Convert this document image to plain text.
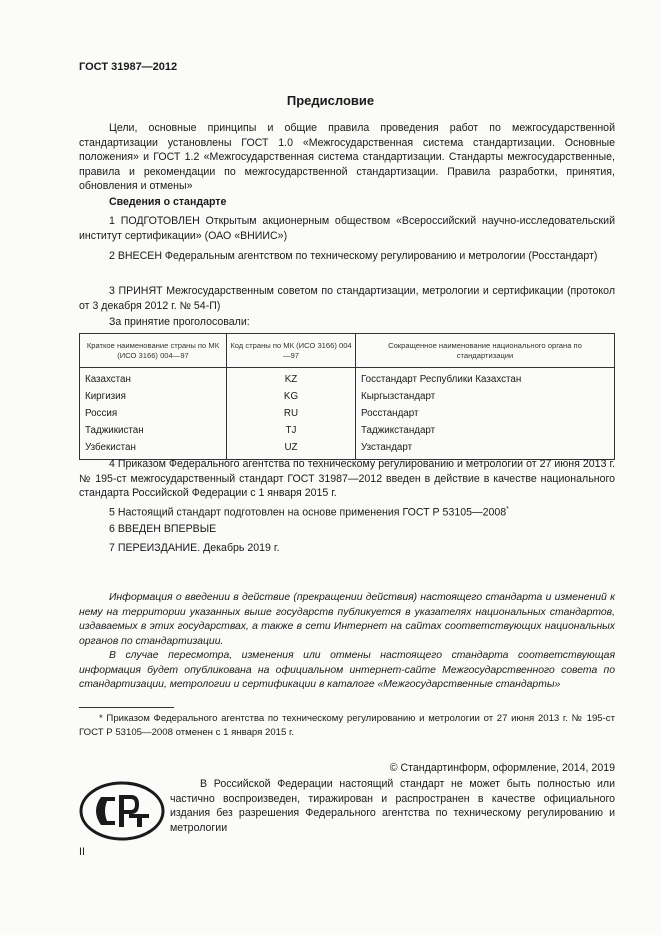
ГОСТ 31987—2012
Предисловие
Цели, основные принципы и общие правила проведения работ по межгосударственной стандартизации установлены ГОСТ 1.0 «Межгосударственная система стандартизации. Основные положения» и ГОСТ 1.2 «Межгосударственная система стандартизации. Стандарты межгосударственные, правила и рекомендации по межгосударственной стандартизации. Правила разработки, принятия, обновления и отмены»
Сведения о стандарте
1 ПОДГОТОВЛЕН Открытым акционерным обществом «Всероссийский научно-исследовательский институт сертификации» (ОАО «ВНИИС»)
2 ВНЕСЕН Федеральным агентством по техническому регулированию и метрологии (Росстандарт)
3 ПРИНЯТ Межгосударственным советом по стандартизации, метрологии и сертификации (протокол от 3 декабря 2012 г. № 54-П)
За принятие проголосовали:
Краткое наименование страны по МК (ИСО 3166) 004—97	Код страны по МК (ИСО 3166) 004—97	Сокращенное наименование национального органа по стандартизации
Казахстан	KZ	Госстандарт Республики Казахстан
Киргизия	KG	Кыргызстандарт
Россия	RU	Росстандарт
Таджикистан	TJ	Таджикстандарт
Узбекистан	UZ	Узстандарт
4 Приказом Федерального агентства по техническому регулированию и метрологии от 27 июня 2013 г. № 195-ст межгосударственный стандарт ГОСТ 31987—2012 введен в действие в качестве национального стандарта Российской Федерации с 1 января 2015 г.
5 Настоящий стандарт подготовлен на основе применения ГОСТ Р 53105—2008*
6 ВВЕДЕН ВПЕРВЫЕ
7 ПЕРЕИЗДАНИЕ. Декабрь 2019 г.
Информация о введении в действие (прекращении действия) настоящего стандарта и изменений к нему на территории указанных выше государств публикуется в указателях национальных стандартов, издаваемых в этих государствах, а также в сети Интернет на сайтах соответствующих национальных органов по стандартизации.
В случае пересмотра, изменения или отмены настоящего стандарта соответствующая информация будет опубликована на официальном интернет-сайте Межгосударственного совета по стандартизации, метрологии и сертификации в каталоге «Межгосударственные стандарты»
* Приказом Федерального агентства по техническому регулированию и метрологии от 27 июня 2013 г. № 195-ст ГОСТ Р 53105—2008 отменен с 1 января 2015 г.
© Стандартинформ, оформление, 2014, 2019
В Российской Федерации настоящий стандарт не может быть полностью или частично воспроизведен, тиражирован и распространен в качестве официального издания без разрешения Федерального агентства по техническому регулированию и метрологии
II
